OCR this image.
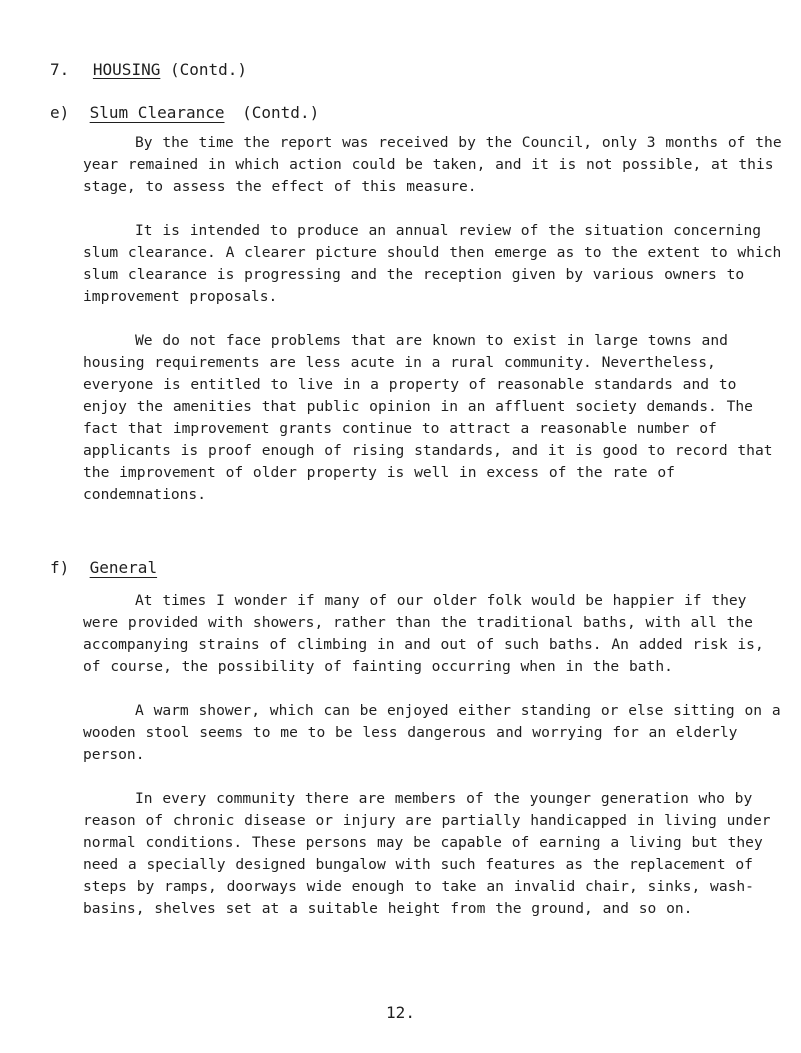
7. HOUSING (Contd.)
e) Slum Clearance (Contd.)

By the time the report was received by the Council, only 3 months of the year remained in which action could be taken, and it is not possible, at this stage, to assess the effect of this measure.

It is intended to produce an annual review of the situation concerning slum clearance. A clearer picture should then emerge as to the extent to which slum clearance is progressing and the reception given by various owners to improvement proposals.

We do not face problems that are known to exist in large towns and housing requirements are less acute in a rural community. Nevertheless, everyone is entitled to live in a property of reasonable standards and to enjoy the amenities that public opinion in an affluent society demands. The fact that improvement grants continue to attract a reasonable number of applicants is proof enough of rising standards, and it is good to record that the improvement of older property is well in excess of the rate of condemnations.

f) General

At times I wonder if many of our older folk would be happier if they were provided with showers, rather than the traditional baths, with all the accompanying strains of climbing in and out of such baths. An added risk is, of course, the possibility of fainting occurring when in the bath.

A warm shower, which can be enjoyed either standing or else sitting on a wooden stool seems to me to be less dangerous and worrying for an elderly person.

In every community there are members of the younger generation who by reason of chronic disease or injury are partially handicapped in living under normal conditions. These persons may be capable of earning a living but they need a specially designed bungalow with such features as the replacement of steps by ramps, doorways wide enough to take an invalid chair, sinks, wash-basins, shelves set at a suitable height from the ground, and so on.

12.
